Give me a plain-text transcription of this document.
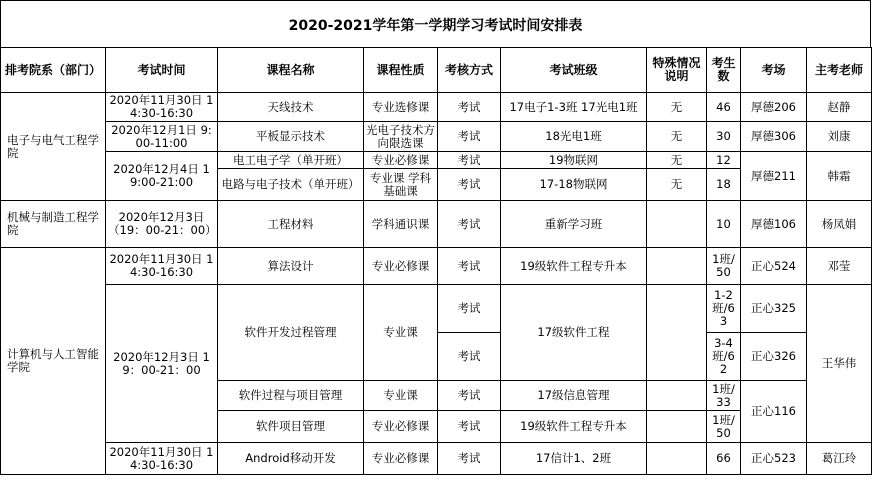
2020-2021学年第一学期学习考试时间安排表
排考院系（部门）	考试时间	课程名称	课程性质	考核方式	考试班级	特殊情况说明	考生数	考场	主考老师
电子与电气工程学院	2020年11月30日 14:30-16:30	天线技术	专业选修课	考试	17电子1-3班 17光电1班	无	46	厚德206	赵静
	2020年12月1日 9:00-11:00	平板显示技术	光电子技术方向限选课	考试	18光电1班	无	30	厚德306	刘康
	2020年12月4日 19:00-21:00	电工电子学（单开班）	专业必修课	考试	19物联网	无	12	厚德211	韩霜
		电路与电子技术（单开班）	专业课 学科基础课	考试	17-18物联网	无	18		
机械与制造工程学院	2020年12月3日 （19：00-21：00）	工程材料	学科通识课	考试	重新学习班		10	厚德106	杨凤娟
计算机与人工智能学院	2020年11月30日 14:30-16:30	算法设计	专业必修课	考试	19级软件工程专升本		1班/50	正心524	邓莹
	2020年12月3日 19：00-21：00	软件开发过程管理	专业课	考试	17级软件工程		1-2班/63	正心325	王华伟
				考试			3-4班/62	正心326	
		软件过程与项目管理	专业课	考试	17级信息管理		1班/33	正心116	
		软件项目管理	专业必修课	考试	19级软件工程专升本		1班/50		
	2020年11月30日 14:30-16:30	Android移动开发	专业必修课	考试	17信计1、2班		66	正心523	葛江玲
